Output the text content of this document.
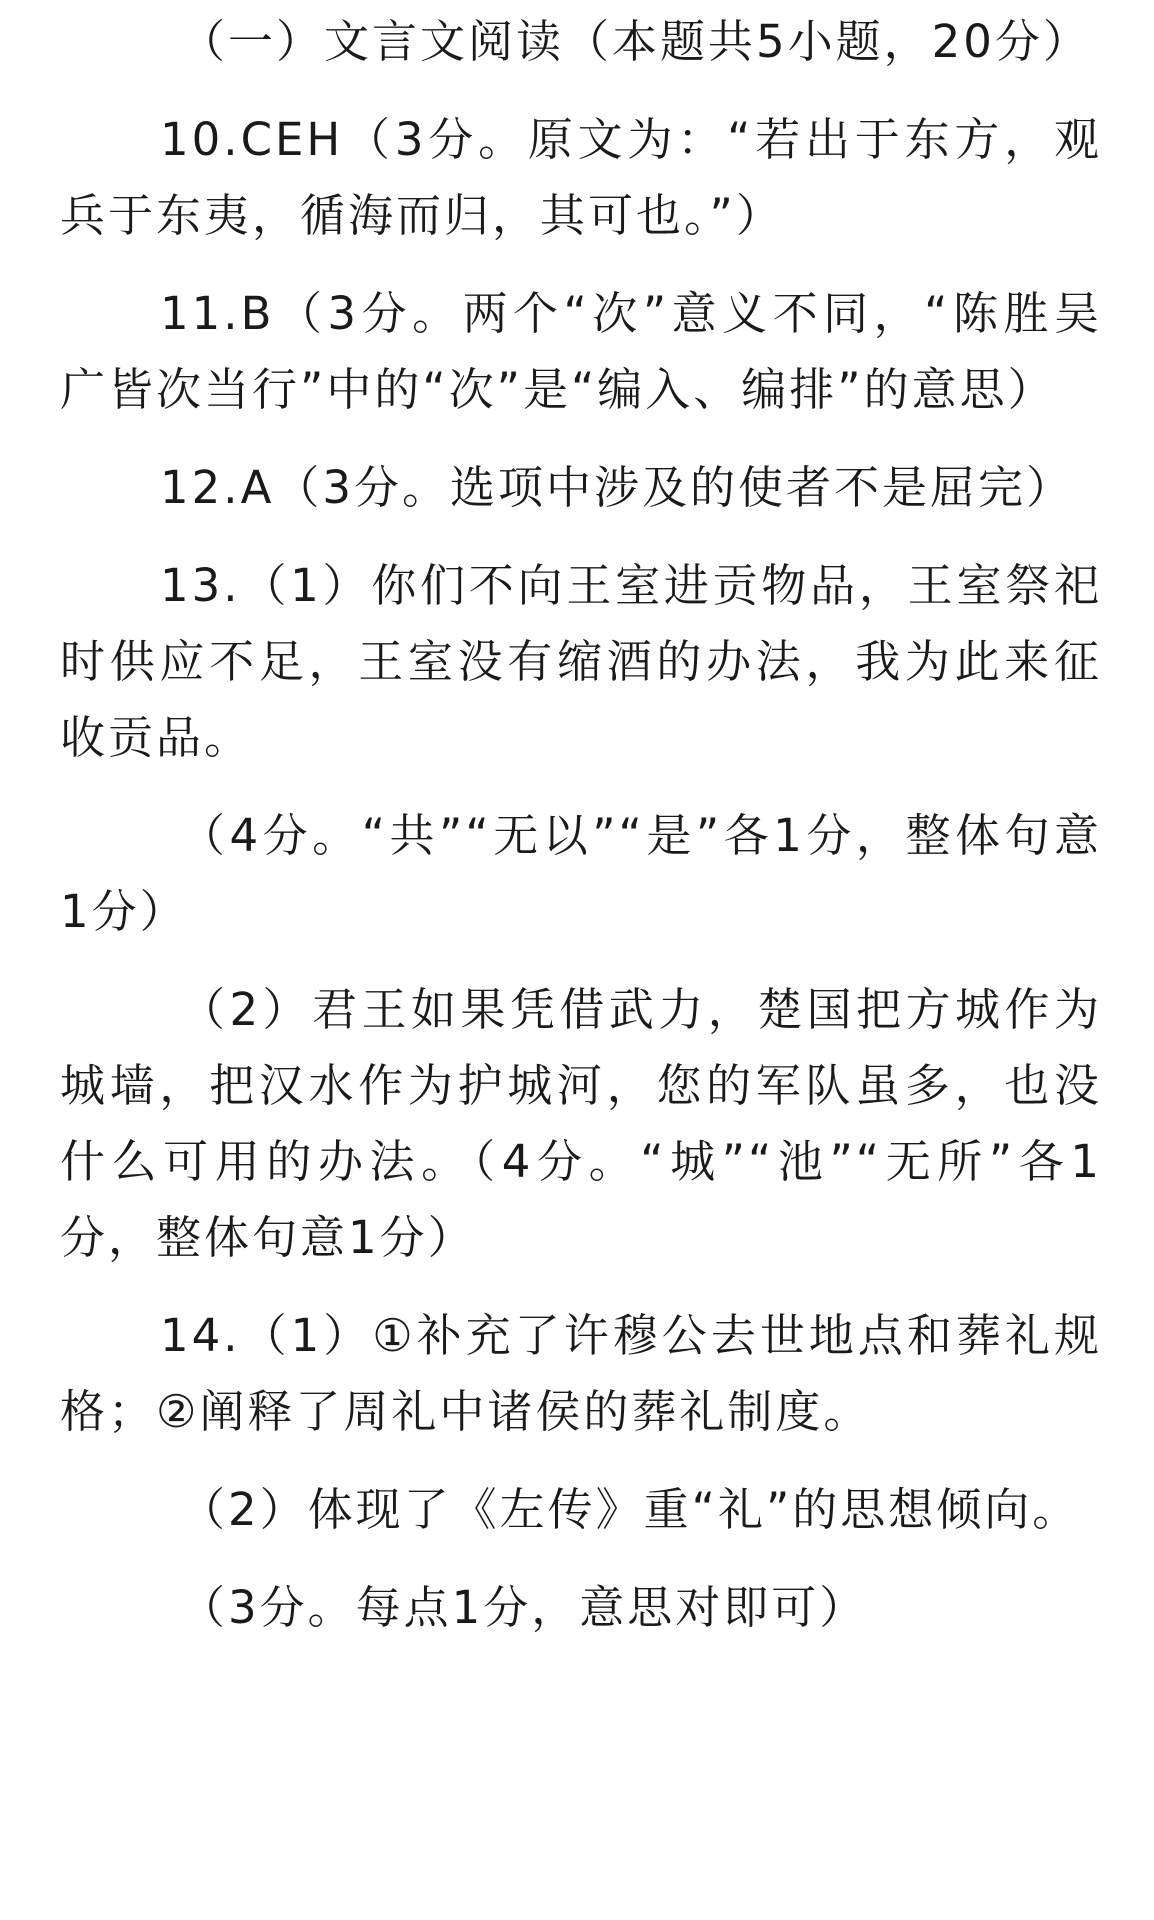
（一）文言文阅读（本题共5小题，20分）

10.CEH（3分。原文为：“若出于东方，观兵于东夷，循海而归，其可也。”）

11.B（3分。两个“次”意义不同，“陈胜吴广皆次当行”中的“次”是“编入、编排”的意思）

12.A（3分。选项中涉及的使者不是屈完）

13.（1）你们不向王室进贡物品，王室祭祀时供应不足，王室没有缩酒的办法，我为此来征收贡品。

（4分。“共”“无以”“是”各1分，整体句意1分）

（2）君王如果凭借武力，楚国把方城作为城墙，把汉水作为护城河，您的军队虽多，也没什么可用的办法。（4分。“城”“池”“无所”各1分，整体句意1分）

14.（1）①补充了许穆公去世地点和葬礼规格；②阐释了周礼中诸侯的葬礼制度。

（2）体现了《左传》重“礼”的思想倾向。

（3分。每点1分，意思对即可）
